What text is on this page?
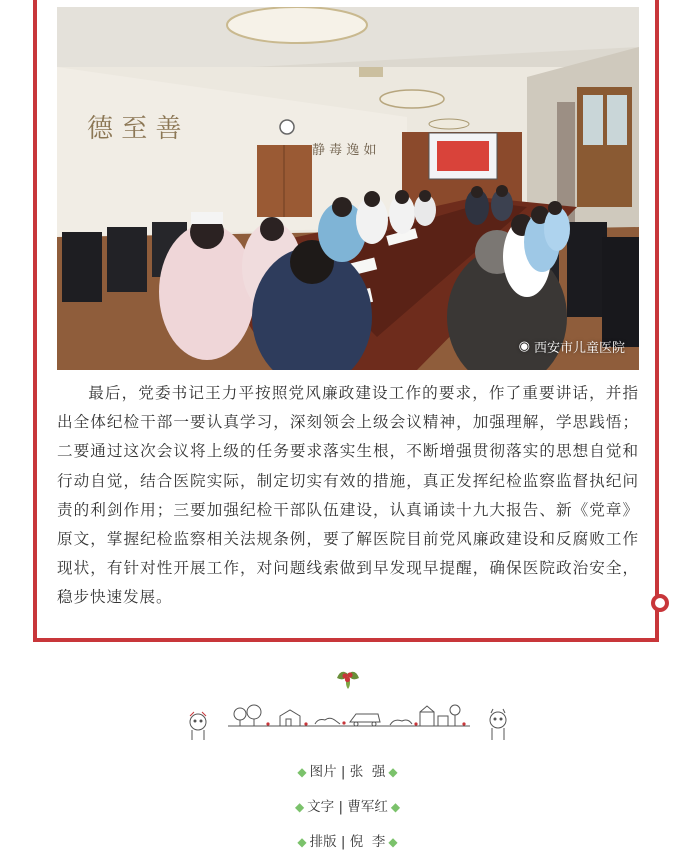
德 至 善
静 毒 逸 如
◉ 西安市儿童医院

最后，党委书记王力平按照党风廉政建设工作的要求，作了重要讲话，并指出全体纪检干部一要认真学习，深刻领会上级会议精神，加强理解，学思践悟；二要通过这次会议将上级的任务要求落实生根，不断增强贯彻落实的思想自觉和行动自觉，结合医院实际，制定切实有效的措施，真正发挥纪检监察监督执纪问责的利剑作用；三要加强纪检干部队伍建设，认真诵读十九大报告、新《党章》原文，掌握纪检监察相关法规条例，要了解医院目前党风廉政建设和反腐败工作现状，有针对性开展工作，对问题线索做到早发现早提醒，确保医院政治安全，稳步快速发展。

◆ 图片 | 张  强 ◆
◆ 文字 | 曹军红 ◆
◆ 排版 | 倪  李 ◆
